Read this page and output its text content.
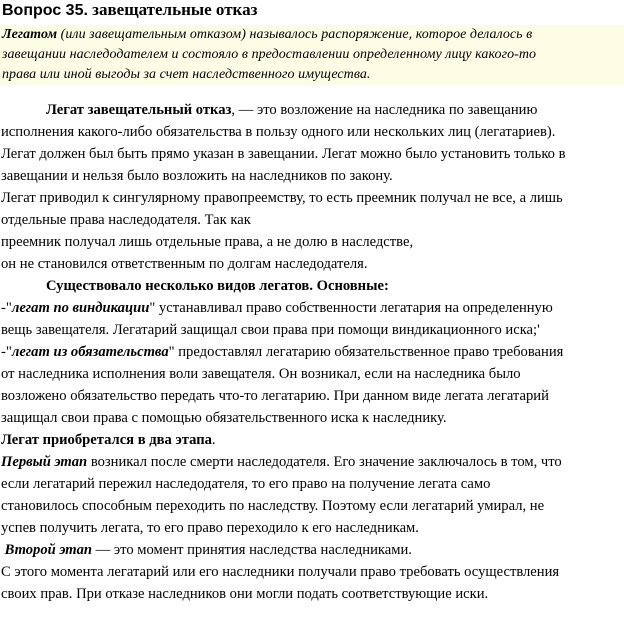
Вопрос 35. завещательные отказ

Легатом (или завещательным отказом) называлось распоряжение, которое делалось в

завещании наследодателем и состояло в предоставлении определенному лицу какого-то

права или иной выгоды за счет наследственного имущества.

Легат завещательный отказ, — это возложение на наследника по завещанию
исполнения какого-либо обязательства в пользу одного или нескольких лиц (легатариев).
Легат должен был быть прямо указан в завещании. Легат можно было установить только в
завещании и нельзя было возложить на наследников по закону.
Легат приводил к сингулярному правопреемству, то есть преемник получал не все, а лишь
отдельные права наследодателя. Так как
преемник получал лишь отдельные права, а не долю в наследстве,
он не становился ответственным по долгам наследодателя.
Существовало несколько видов легатов. Основные:
-"легат по виндикации" устанавливал право собственности легатария на определенную
вещь завещателя. Легатарий защищал свои права при помощи виндикационного иска;'
-"легат из обязательства" предоставлял легатарию обязательственное право требования
от наследника исполнения воли завещателя. Он возникал, если на наследника было
возложено обязательство передать что-то легатарию. При данном виде легата легатарий
защищал свои права с помощью обязательственного иска к наследнику.
Легат приобретался в два этапа.
Первый этап возникал после смерти наследодателя. Его значение заключалось в том, что
если легатарий пережил наследодателя, то его право на получение легата само
становилось способным переходить по наследству. Поэтому если легатарий умирал, не
успев получить легата, то его право переходило к его наследникам.
Второй этап — это момент принятия наследства наследниками.
С этого момента легатарий или его наследники получали право требовать осуществления
своих прав. При отказе наследников они могли подать соответствующие иски.
